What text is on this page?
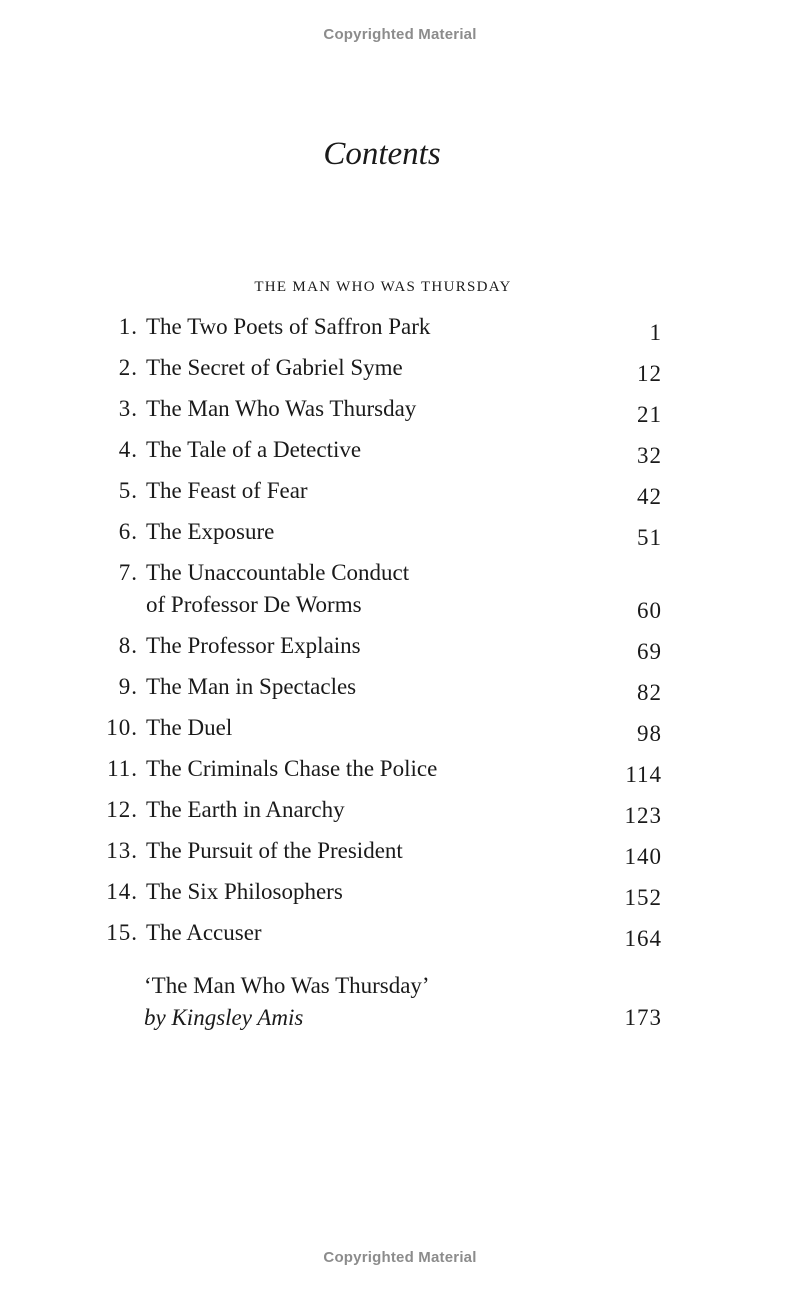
Copyrighted Material
Contents
THE MAN WHO WAS THURSDAY
1. The Two Poets of Saffron Park	1
2. The Secret of Gabriel Syme	12
3. The Man Who Was Thursday	21
4. The Tale of a Detective	32
5. The Feast of Fear	42
6. The Exposure	51
7. The Unaccountable Conduct
of Professor De Worms	60
8. The Professor Explains	69
9. The Man in Spectacles	82
10. The Duel	98
11. The Criminals Chase the Police	114
12. The Earth in Anarchy	123
13. The Pursuit of the President	140
14. The Six Philosophers	152
15. The Accuser	164
‘The Man Who Was Thursday’
by Kingsley Amis	173
Copyrighted Material
